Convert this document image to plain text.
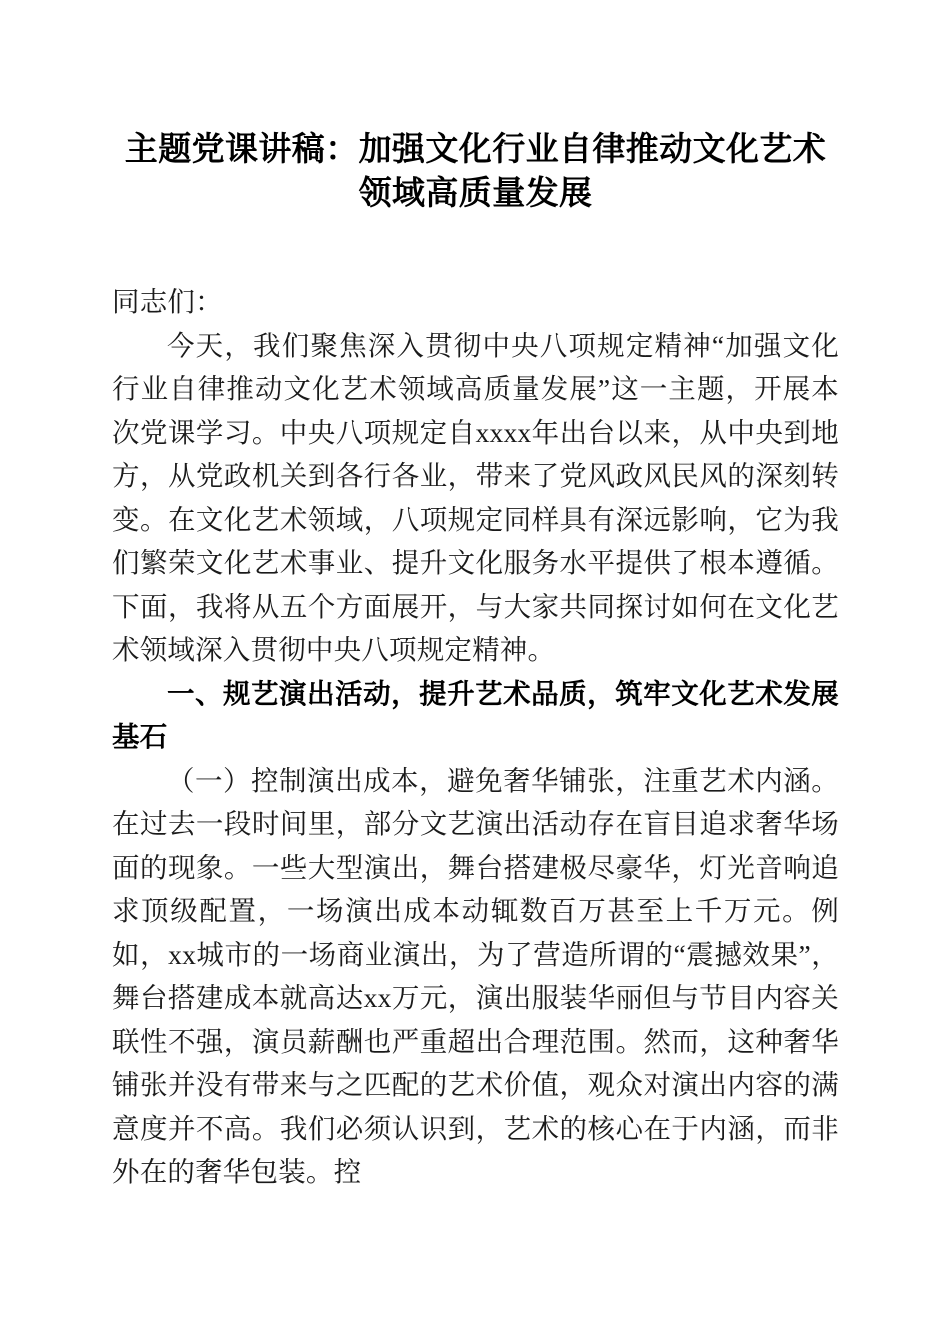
主题党课讲稿：加强文化行业自律推动文化艺术领域高质量发展

同志们：

今天，我们聚焦深入贯彻中央八项规定精神“加强文化行业自律推动文化艺术领域高质量发展”这一主题，开展本次党课学习。中央八项规定自xxxx年出台以来，从中央到地方，从党政机关到各行各业，带来了党风政风民风的深刻转变。在文化艺术领域，八项规定同样具有深远影响，它为我们繁荣文化艺术事业、提升文化服务水平提供了根本遵循。下面，我将从五个方面展开，与大家共同探讨如何在文化艺术领域深入贯彻中央八项规定精神。

一、规艺演出活动，提升艺术品质，筑牢文化艺术发展基石

（一）控制演出成本，避免奢华铺张，注重艺术内涵。在过去一段时间里，部分文艺演出活动存在盲目追求奢华场面的现象。一些大型演出，舞台搭建极尽豪华，灯光音响追求顶级配置，一场演出成本动辄数百万甚至上千万元。例如，xx城市的一场商业演出，为了营造所谓的“震撼效果”，舞台搭建成本就高达xx万元，演出服装华丽但与节目内容关联性不强，演员薪酬也严重超出合理范围。然而，这种奢华铺张并没有带来与之匹配的艺术价值，观众对演出内容的满意度并不高。我们必须认识到，艺术的核心在于内涵，而非外在的奢华包装。控
